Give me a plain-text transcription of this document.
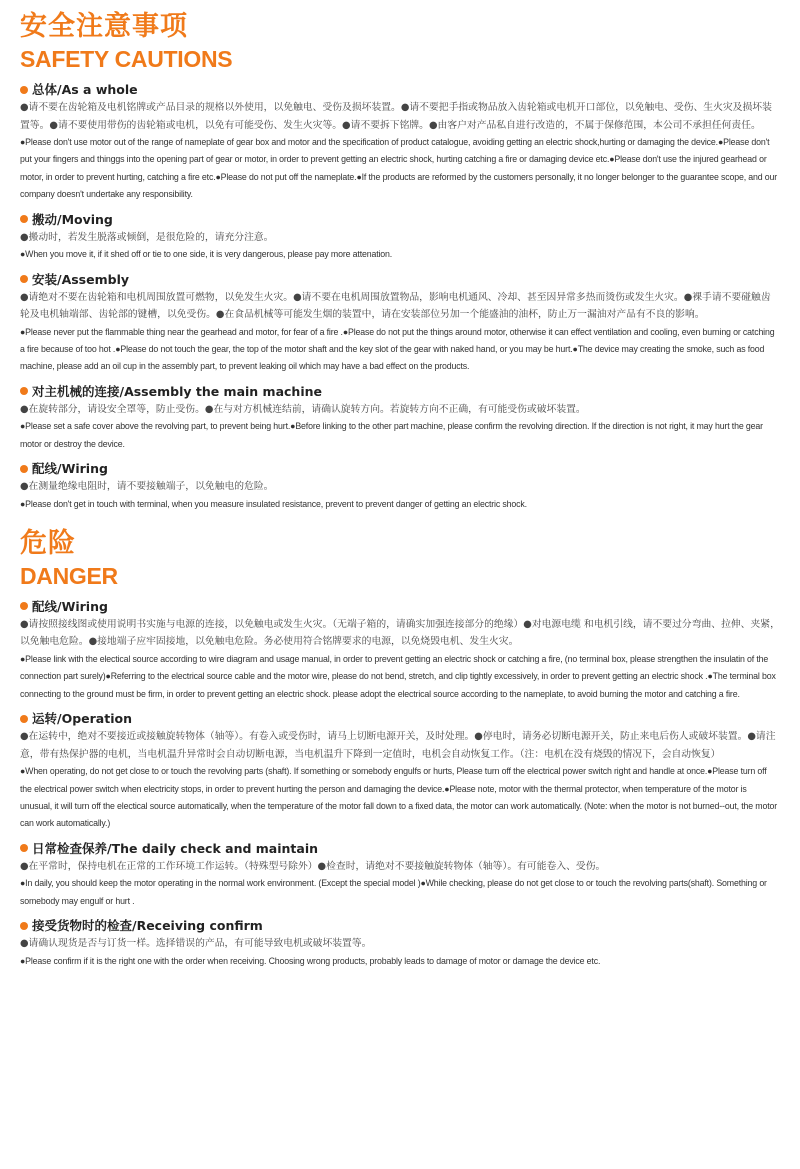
安全注意事项
SAFETY CAUTIONS
总体/As a whole

●请不要在齿轮箱及电机铭牌或产品目录的规格以外使用，以免触电、受伤及损坏装置。●请不要把手指或物品放入齿轮箱或电机开口部位，以免触电、受伤、生火灾及损坏装置等。●请不要使用带伤的齿轮箱或电机，以免有可能受伤、发生火灾等。●请不要拆下铭牌。●由客户对产品私自进行改造的，不属于保修范围，本公司不承担任何责任。

●Please don't use motor out of the range of nameplate of gear box and motor and the specification of product catalogue, avoiding getting an electric shock,hurting or damaging the device.●Please don't put your fingers and thinggs into the opening part of gear or motor, in order to prevent getting an electric shock, hurting catching a fire or damaging device etc.●Please don't use the injured gearhead or motor, in order to prevent hurting, catching a fire etc.●Please do not put off the nameplate.●If the products are reformed by the customers personally, it no longer belonger to the guarantee scope, and our company doesn't undertake any responsibility.

搬动/Moving

●搬动时，若发生脱落或倾倒，是很危险的，请充分注意。

●When you move it, if it shed off or tie to one side, it is very dangerous, please pay more attenation.

安装/Assembly

●请绝对不要在齿轮箱和电机周围放置可燃物，以免发生火灾。●请不要在电机周围放置物品，影响电机通风、冷却、甚至因异常多热而烫伤或发生火灾。●裸手请不要碰触齿轮及电机轴端部、齿轮部的键槽，以免受伤。●在食品机械等可能发生烟的装置中，请在安装部位另加一个能盛油的油杯，防止万一漏油对产品有不良的影响。

●Please never put the flammable thing near the gearhead and motor, for fear of a fire .●Please do not put the things around motor, otherwise it can effect ventilation and cooling, even burning or catching a fire because of too hot .●Please do not touch the gear, the top of the motor shaft and the key slot of the gear with naked hand, or you may be hurt.●The device may creating the smoke, such as food machine, please add an oil cup in the assembly part, to prevent leaking oil which may have a bad effect on the products.

对主机械的连接/Assembly the main machine

●在旋转部分，请设安全罩等，防止受伤。●在与对方机械连结前，请确认旋转方向。若旋转方向不正确，有可能受伤或破坏装置。

●Please set a safe cover above the revolving part, to prevent being hurt.●Before linking to the other part machine, please confirm the revolving direction. If the direction is not right, it may hurt the gear motor or destroy the device.

配线/Wiring

●在测量绝缘电阻时，请不要接触端子，以免触电的危险。

●Please don't get in touch with terminal, when you measure insulated resistance, prevent to prevent danger of getting an electric shock.

危险
DANGER
配线/Wiring

●请按照接线图或使用说明书实施与电源的连接，以免触电或发生火灾。（无端子箱的，请确实加强连接部分的绝缘）●对电源电缆 和电机引线，请不要过分弯曲、拉伸、夹紧，以免触电危险。●接地端子应牢固接地，以免触电危险。务必使用符合铭牌要求的电源，以免烧毁电机、发生火灾。

●Please link with the electical source according to wire diagram and usage manual, in order to prevent getting an electric shock or catching a fire, (no terminal box, please strengthen the insulatin of the connection part surely)●Referring to the electrical source cable and the motor wire, please do not bend, stretch, and clip tightly excessively, in order to prevent getting an electric shock .●The terminal box connecting to the ground must be firm, in order to prevent getting an electric shock. please adopt the electrical source according to the nameplate, to avoid burning the motor and catching a fire.

运转/Operation

●在运转中，绝对不要接近或接触旋转物体（轴等）。有卷入或受伤时，请马上切断电源开关，及时处理。●停电时，请务必切断电源开关，防止来电后伤人或破坏装置。●请注意，带有热保护器的电机，当电机温升异常时会自动切断电源，当电机温升下降到一定值时，电机会自动恢复工作。（注：电机在没有烧毁的情况下，会自动恢复）

●When operating, do not get close to or touch the revolving parts (shaft). If something or somebody engulfs or hurts, Please turn off the electrical power switch right and handle at once.●Please turn off the electrical power switch when electricity stops, in order to prevent hurting the person and damaging the device.●Please note, motor with the thermal protector, when temperature of the motor is unusual, it will turn off the electical source automatically, when the temperature of the motor fall down to a fixed data, the motor can work automatically. (Note: when the motor is not burned--out, the motor can work automatically.)

日常检查保养/The daily check and maintain

●在平常时，保持电机在正常的工作环境工作运转。（特殊型号除外）●检查时，请绝对不要接触旋转物体（轴等）。有可能卷入、受伤。

●In daily, you should keep the motor operating in the normal work environment. (Except the special model )●While checking, please do not get close to or touch the revolving parts(shaft). Something or somebody may engulf or hurt .

接受货物时的检查/Receiving confirm

●请确认现货是否与订货一样。选择错误的产品，有可能导致电机或破坏装置等。

●Please confirm if it is the right one with the order when receiving. Choosing wrong products, probably leads to damage of motor or damage the device etc.
